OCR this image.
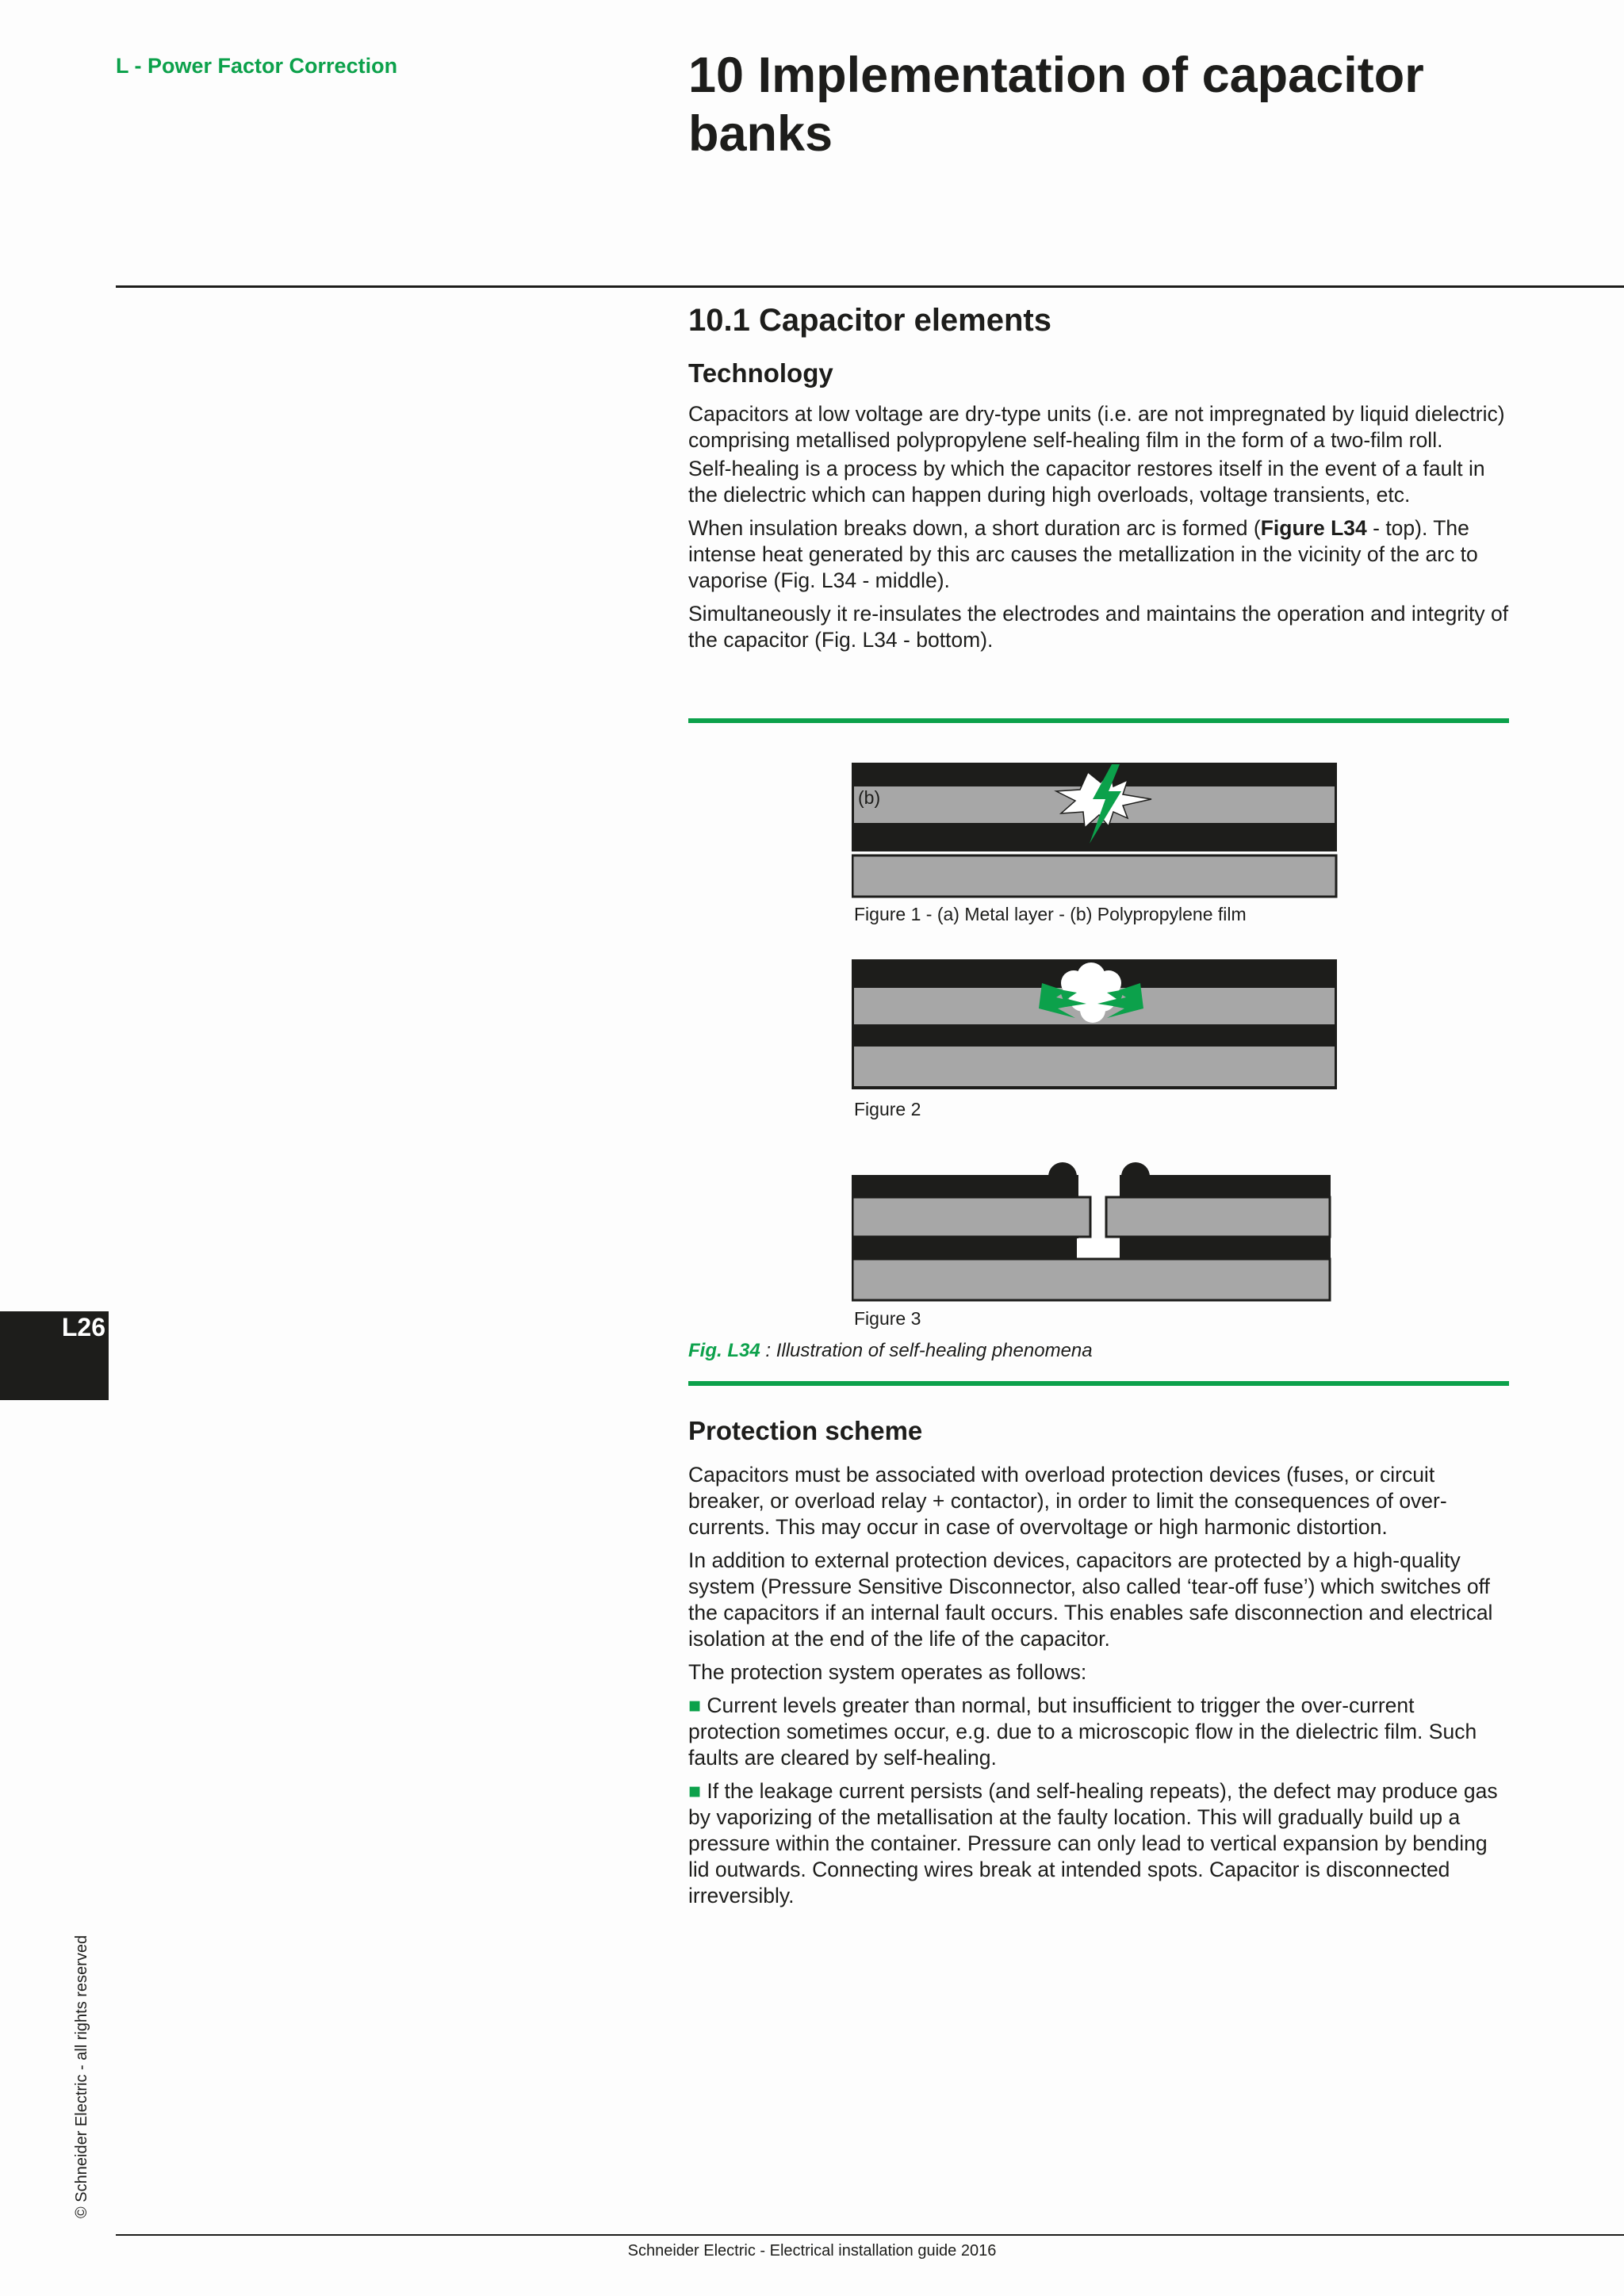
L - Power Factor Correction	10 Implementation of capacitor banks
10.1 Capacitor elements
Technology

Capacitors at low voltage are dry-type units (i.e. are not impregnated by liquid dielectric) comprising metallised polypropylene self-healing film in the form of a two-film roll.

Self-healing is a process by which the capacitor restores itself in the event of a fault in the dielectric which can happen during high overloads, voltage transients, etc.

When insulation breaks down, a short duration arc is formed (Figure L34 - top). The intense heat generated by this arc causes the metallization in the vicinity of the arc to vaporise (Fig. L34 - middle).

Simultaneously it re-insulates the electrodes and maintains the operation and integrity of the capacitor (Fig. L34 - bottom).

(b)
Figure 1 - (a) Metal layer - (b) Polypropylene film
Figure 2
Figure 3
Fig. L34 : Illustration of self-healing phenomena
Protection scheme

Capacitors must be associated with overload protection devices (fuses, or circuit breaker, or overload relay + contactor), in order to limit the consequences of over-currents. This may occur in case of overvoltage or high harmonic distortion.

In addition to external protection devices, capacitors are protected by a high-quality system (Pressure Sensitive Disconnector, also called ‘tear-off fuse’) which switches off the capacitors if an internal fault occurs. This enables safe disconnection and electrical isolation at the end of the life of the capacitor.

The protection system operates as follows:

■ Current levels greater than normal, but insufficient to trigger the over-current protection sometimes occur, e.g. due to a microscopic flow in the dielectric film. Such faults are cleared by self-healing.

■ If the leakage current persists (and self-healing repeats), the defect may produce gas by vaporizing of the metallisation at the faulty location. This will gradually build up a pressure within the container. Pressure can only lead to vertical expansion by bending lid outwards. Connecting wires break at intended spots. Capacitor is disconnected irreversibly.

L26
© Schneider Electric - all rights reserved
Schneider Electric - Electrical installation guide 2016
